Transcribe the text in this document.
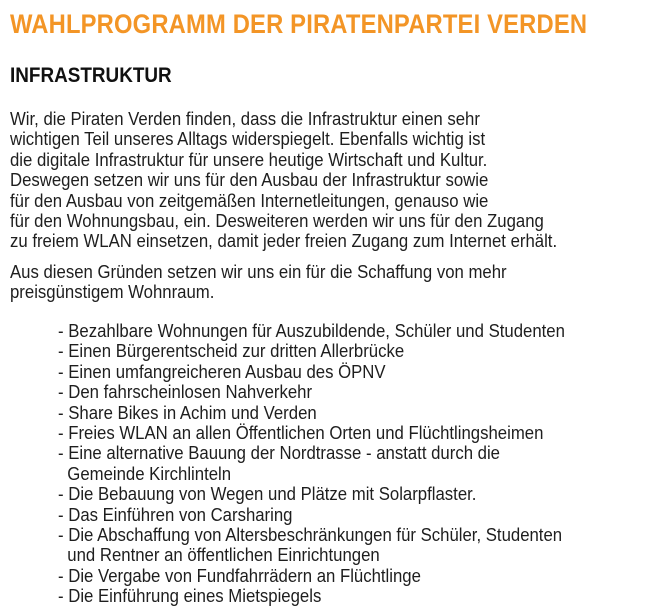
WAHLPROGRAMM DER PIRATENPARTEI VERDEN
INFRASTRUKTUR

Wir, die Piraten Verden finden, dass die Infrastruktur einen sehr
wichtigen Teil unseres Alltags widerspiegelt. Ebenfalls wichtig ist
die digitale Infrastruktur für unsere heutige Wirtschaft und Kultur.
Deswegen setzen wir uns für den Ausbau der Infrastruktur sowie
für den Ausbau von zeitgemäßen Internetleitungen, genauso wie
für den Wohnungsbau, ein. Desweiteren werden wir uns für den Zugang
zu freiem WLAN einsetzen, damit jeder freien Zugang zum Internet erhält.

Aus diesen Gründen setzen wir uns ein für die Schaffung von mehr
preisgünstigem Wohnraum.

- Bezahlbare Wohnungen für Auszubildende, Schüler und Studenten
- Einen Bürgerentscheid zur dritten Allerbrücke
- Einen umfangreicheren Ausbau des ÖPNV
- Den fahrscheinlosen Nahverkehr
- Share Bikes in Achim und Verden
- Freies WLAN an allen Öffentlichen Orten und Flüchtlingsheimen
- Eine alternative Bauung der Nordtrasse - anstatt durch die
Gemeinde Kirchlinteln
- Die Bebauung von Wegen und Plätze mit Solarpflaster.
- Das Einführen von Carsharing
- Die Abschaffung von Altersbeschränkungen für Schüler, Studenten
und Rentner an öffentlichen Einrichtungen
- Die Vergabe von Fundfahrrädern an Flüchtlinge
- Die Einführung eines Mietspiegels
